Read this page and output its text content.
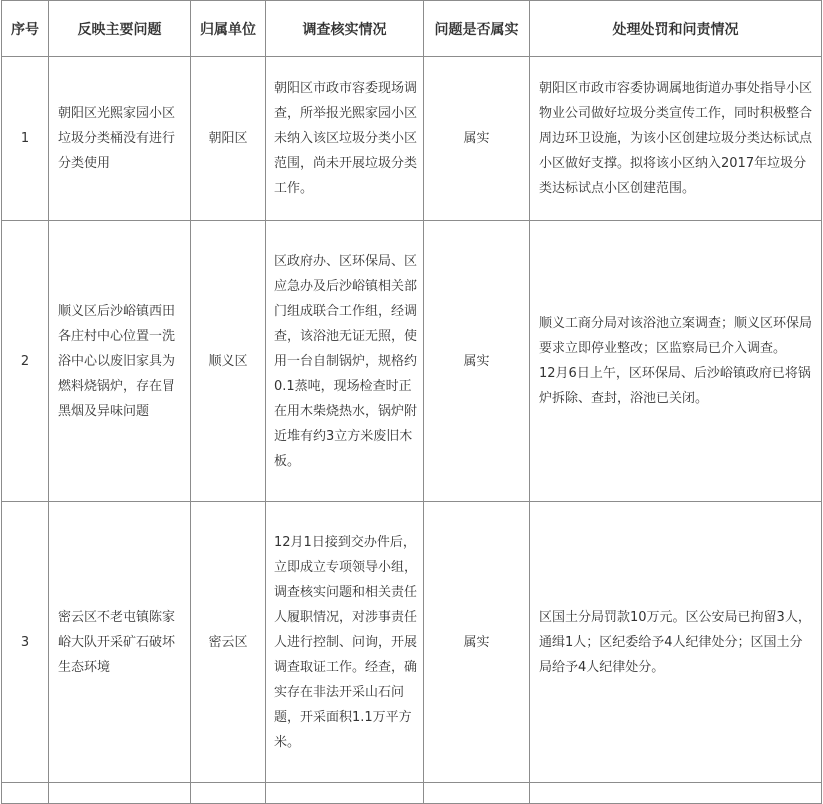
序号	反映主要问题	归属单位	调查核实情况	问题是否属实	处理处罚和问责情况
1	朝阳区光熙家园小区垃圾分类桶没有进行分类使用	朝阳区	朝阳区市政市容委现场调查，所举报光熙家园小区未纳入该区垃圾分类小区范围，尚未开展垃圾分类工作。	属实	朝阳区市政市容委协调属地街道办事处指导小区物业公司做好垃圾分类宣传工作，同时积极整合周边环卫设施，为该小区创建垃圾分类达标试点小区做好支撑。拟将该小区纳入2017年垃圾分类达标试点小区创建范围。

2	顺义区后沙峪镇西田各庄村中心位置一洗浴中心以废旧家具为燃料烧锅炉，存在冒黑烟及异味问题	顺义区	区政府办、区环保局、区应急办及后沙峪镇相关部门组成联合工作组，经调查，该浴池无证无照，使用一台自制锅炉，规格约0.1蒸吨，现场检查时正在用木柴烧热水，锅炉附近堆有约3立方米废旧木板。	属实	顺义工商分局对该浴池立案调查；顺义区环保局要求立即停业整改；区监察局已介入调查。
12月6日上午，区环保局、后沙峪镇政府已将锅炉拆除、查封，浴池已关闭。

3	密云区不老屯镇陈家峪大队开采矿石破坏生态环境	密云区	12月1日接到交办件后，立即成立专项领导小组，调查核实问题和相关责任人履职情况，对涉事责任人进行控制、问询，开展调查取证工作。经查，确实存在非法开采山石问题，开采面积1.1万平方米。	属实	区国土分局罚款10万元。区公安局已拘留3人，通缉1人；区纪委给予4人纪律处分；区国土分局给予4人纪律处分。
